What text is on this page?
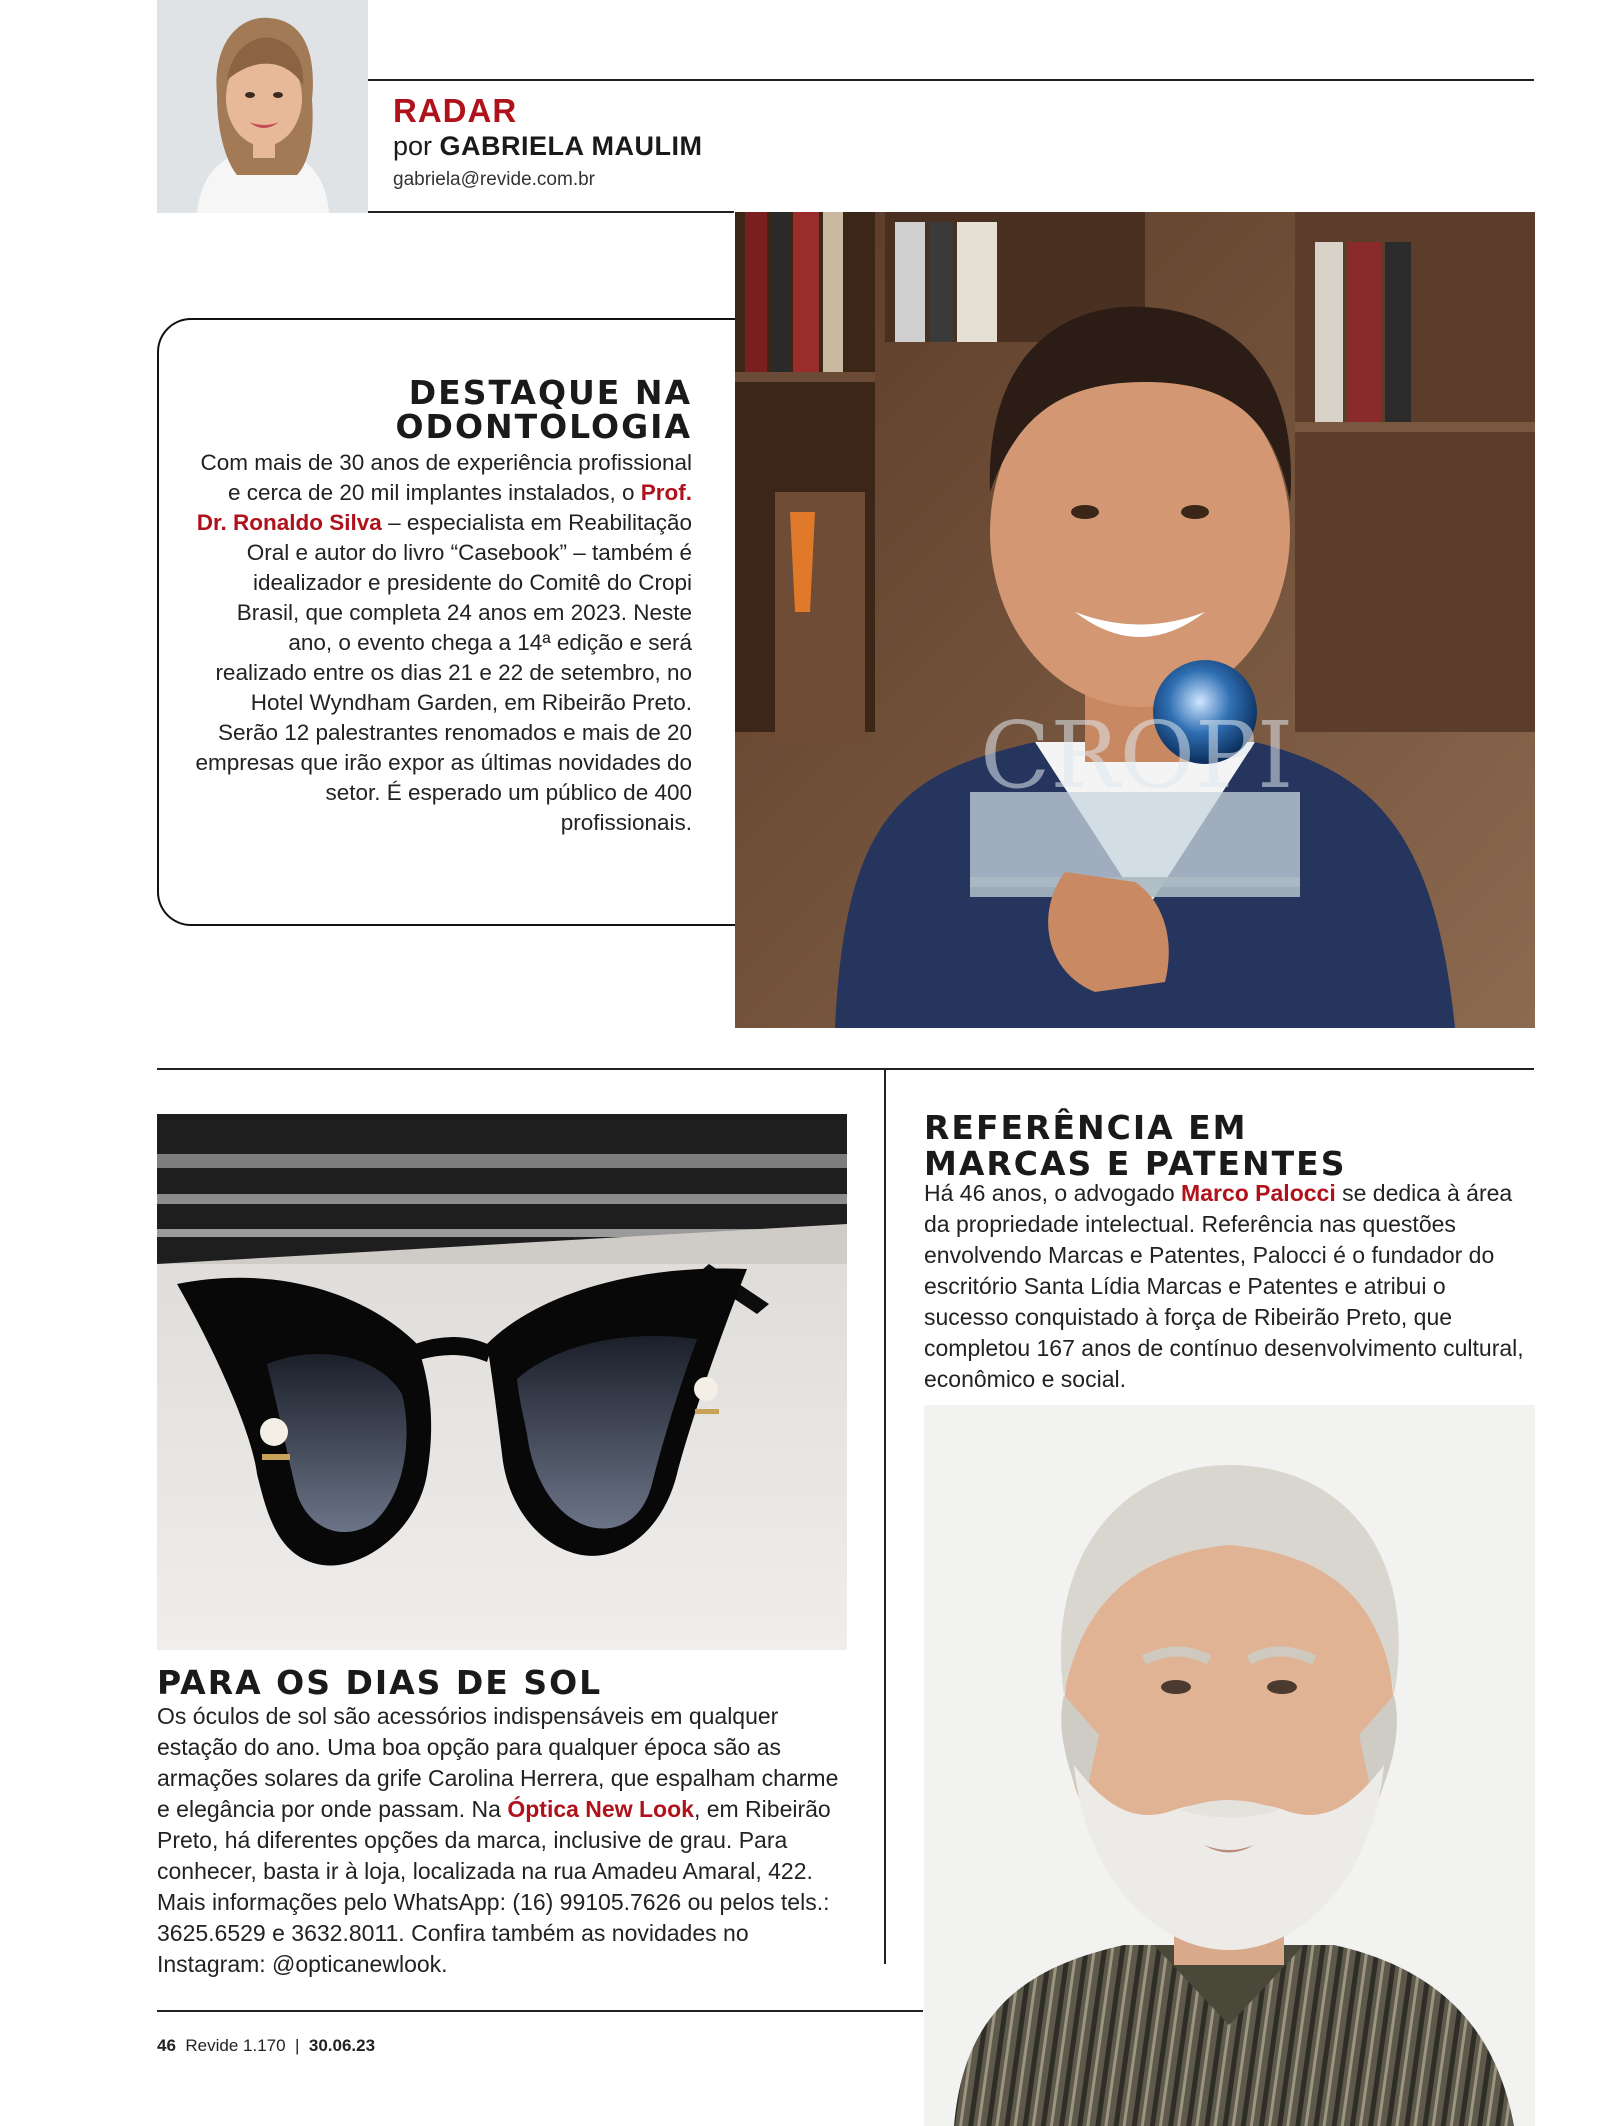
RADAR
por GABRIELA MAULIM
gabriela@revide.com.br
DESTAQUE NA
ODONTOLOGIA
Com mais de 30 anos de experiência profissional e cerca de 20 mil implantes instalados, o Prof. Dr. Ronaldo Silva – especialista em Reabilitação Oral e autor do livro “Casebook” – também é idealizador e presidente do Comitê do Cropi Brasil, que completa 24 anos em 2023. Neste ano, o evento chega a 14ª edição e será realizado entre os dias 21 e 22 de setembro, no Hotel Wyndham Garden, em Ribeirão Preto. Serão 12 palestrantes renomados e mais de 20 empresas que irão expor as últimas novidades do setor. É esperado um público de 400 profissionais.
CROPI
PARA OS DIAS DE SOL
Os óculos de sol são acessórios indispensáveis em qualquer estação do ano. Uma boa opção para qualquer época são as armações solares da grife Carolina Herrera, que espalham charme e elegância por onde passam. Na Óptica New Look, em Ribeirão Preto, há diferentes opções da marca, inclusive de grau. Para conhecer, basta ir à loja, localizada na rua Amadeu Amaral, 422. Mais informações pelo WhatsApp: (16) 99105.7626 ou pelos tels.: 3625.6529 e 3632.8011. Confira também as novidades no Instagram: @opticanewlook.
REFERÊNCIA EM
MARCAS E PATENTES
Há 46 anos, o advogado Marco Palocci se dedica à área da propriedade intelectual. Referência nas questões envolvendo Marcas e Patentes, Palocci é o fundador do escritório Santa Lídia Marcas e Patentes e atribui o sucesso conquistado à força de Ribeirão Preto, que completou 167 anos de contínuo desenvolvimento cultural, econômico e social.
46 Revide 1.170 | 30.06.23
